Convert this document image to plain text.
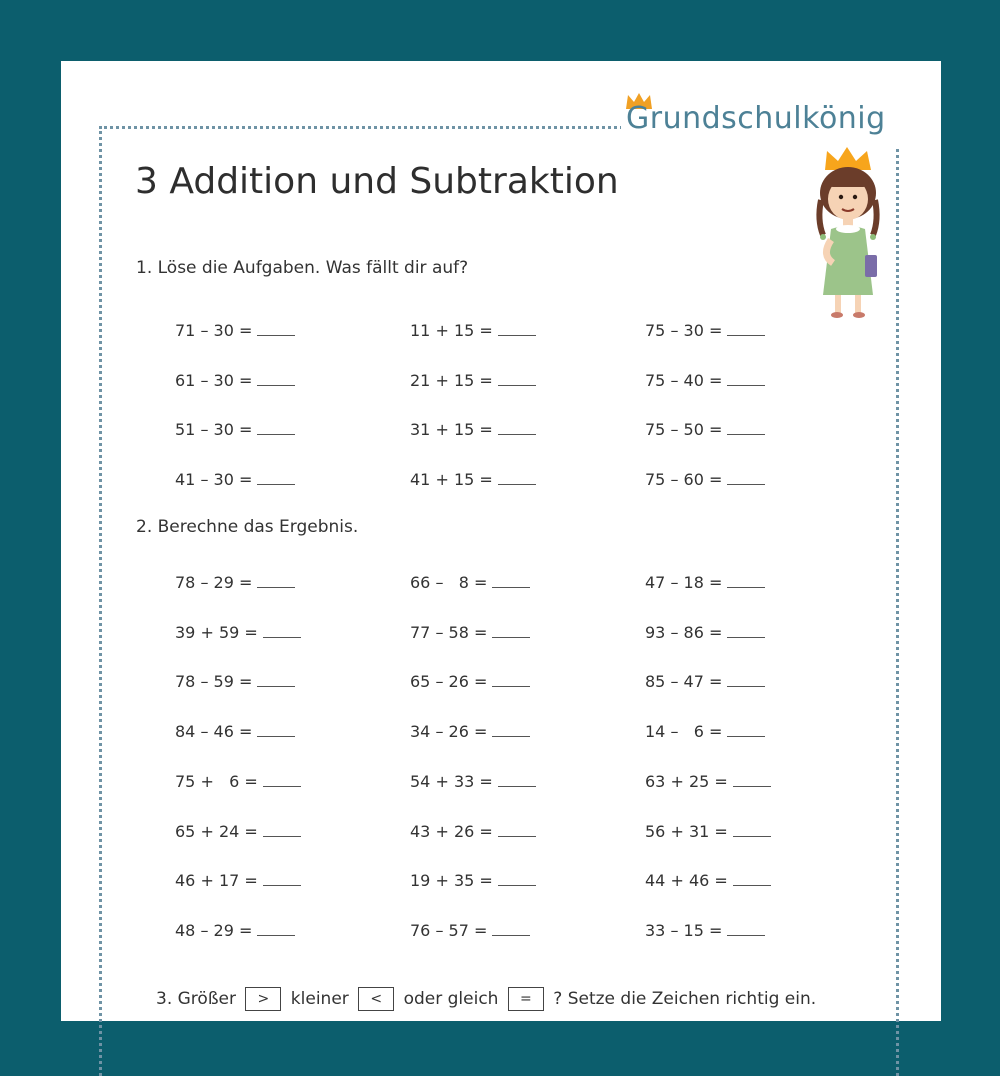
Grundschulkönig
3 Addition und Subtraktion
1. Löse die Aufgaben. Was fällt dir auf?
71 – 30 =
61 – 30 =
51 – 30 =
41 – 30 =
11 + 15 =
21 + 15 =
31 + 15 =
41 + 15 =
75 – 30 =
75 – 40 =
75 – 50 =
75 – 60 =
2. Berechne das Ergebnis.
78 – 29 =
39 + 59 =
78 – 59 =
84 – 46 =
75 +   6 =
65 + 24 =
46 + 17 =
48 – 29 =
66 –   8 =
77 – 58 =
65 – 26 =
34 – 26 =
54 + 33 =
43 + 26 =
19 + 35 =
76 – 57 =
47 – 18 =
93 – 86 =
85 – 47 =
14 –   6 =
63 + 25 =
56 + 31 =
44 + 46 =
33 – 15 =
3. Größer > kleiner < oder gleich = ? Setze die Zeichen richtig ein.
